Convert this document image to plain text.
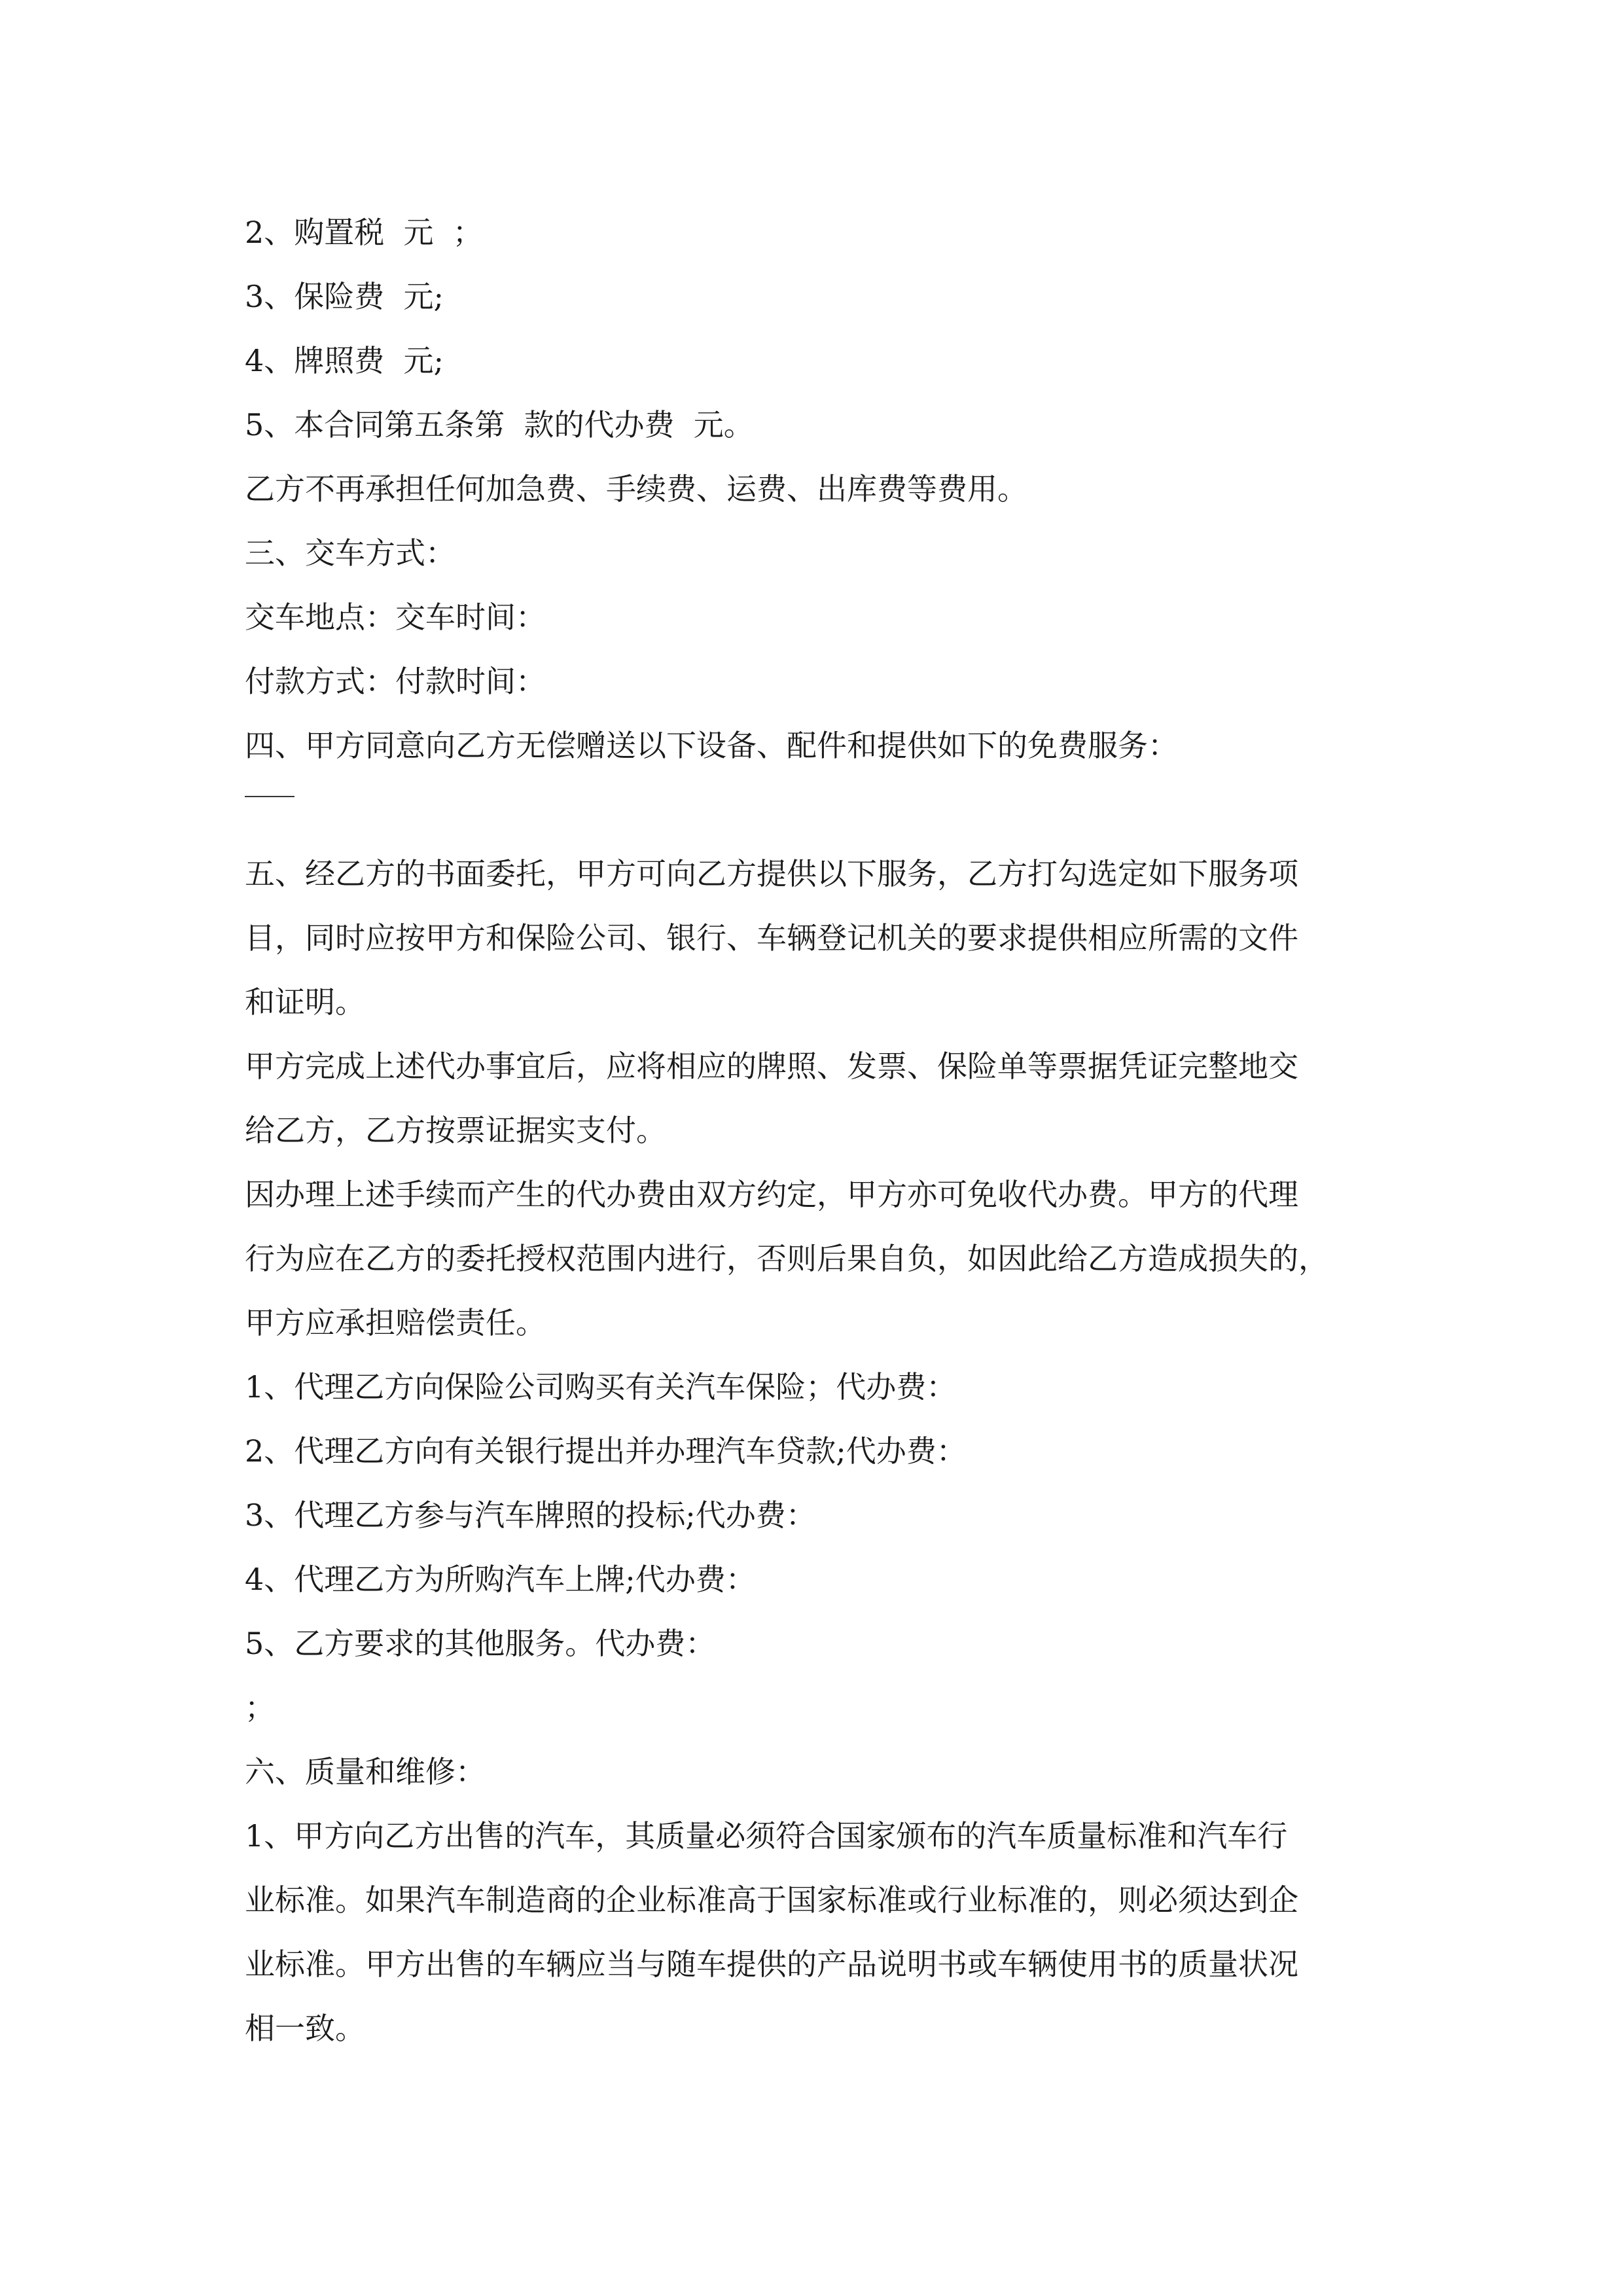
2、购置税  元  ；
3、保险费  元;
4、牌照费  元;
5、本合同第五条第  款的代办费  元。
乙方不再承担任何加急费、手续费、运费、出库费等费用。
三、交车方式：
交车地点：交车时间：
付款方式：付款时间：
四、甲方同意向乙方无偿赠送以下设备、配件和提供如下的免费服务：
五、经乙方的书面委托，甲方可向乙方提供以下服务，乙方打勾选定如下服务项
目，同时应按甲方和保险公司、银行、车辆登记机关的要求提供相应所需的文件
和证明。
甲方完成上述代办事宜后，应将相应的牌照、发票、保险单等票据凭证完整地交
给乙方，乙方按票证据实支付。
因办理上述手续而产生的代办费由双方约定，甲方亦可免收代办费。甲方的代理
行为应在乙方的委托授权范围内进行，否则后果自负，如因此给乙方造成损失的，
甲方应承担赔偿责任。
1、代理乙方向保险公司购买有关汽车保险；代办费：
2、代理乙方向有关银行提出并办理汽车贷款;代办费：
3、代理乙方参与汽车牌照的投标;代办费：
4、代理乙方为所购汽车上牌;代办费：
5、乙方要求的其他服务。代办费：
；
六、质量和维修：
1、甲方向乙方出售的汽车，其质量必须符合国家颁布的汽车质量标准和汽车行
业标准。如果汽车制造商的企业标准高于国家标准或行业标准的，则必须达到企
业标准。甲方出售的车辆应当与随车提供的产品说明书或车辆使用书的质量状况
相一致。
